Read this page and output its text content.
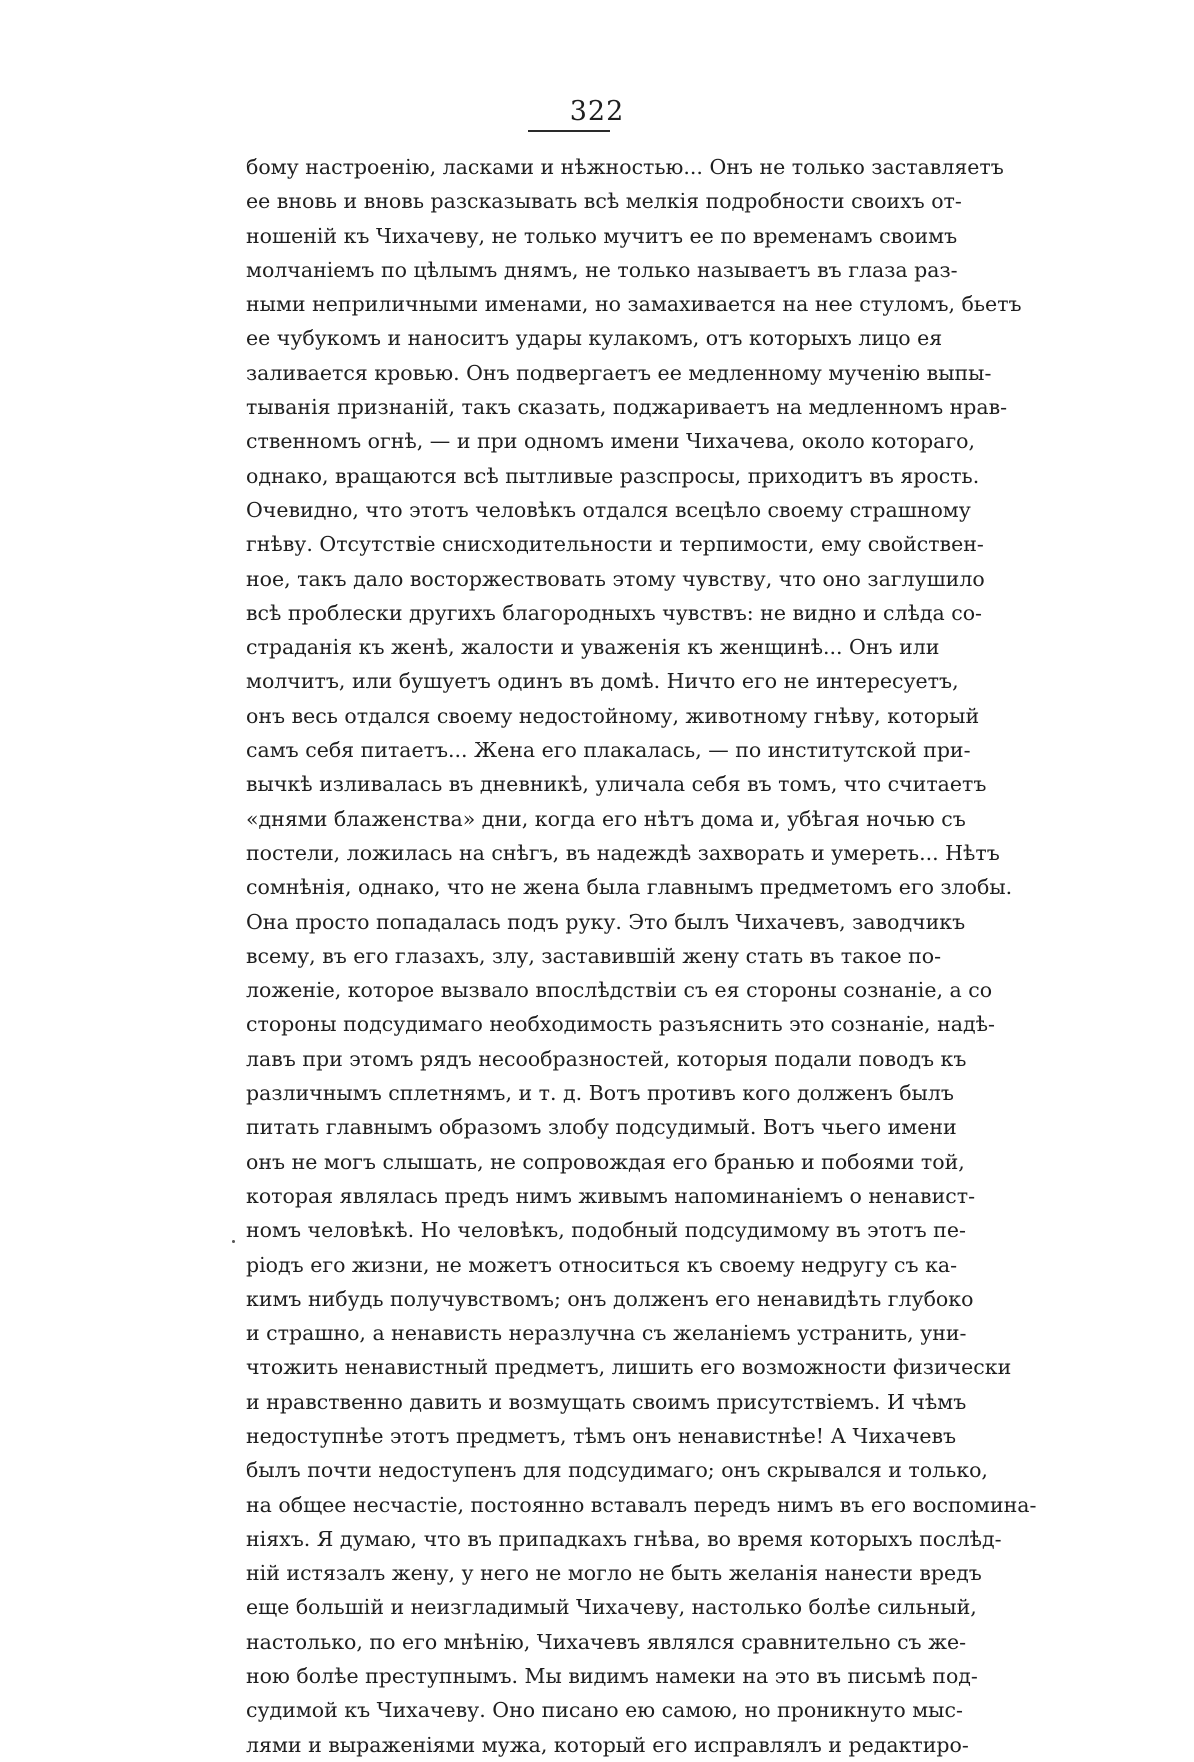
322
бому настроенію, ласками и нѣжностью... Онъ не только заставляетъ
ее вновь и вновь разсказывать всѣ мелкія подробности своихъ от-
ношеній къ Чихачеву, не только мучитъ ее по временамъ своимъ
молчаніемъ по цѣлымъ днямъ, не только называетъ въ глаза раз-
ными неприличными именами, но замахивается на нее стуломъ, бьетъ
ее чубукомъ и наноситъ удары кулакомъ, отъ которыхъ лицо ея
заливается кровью. Онъ подвергаетъ ее медленному мученію выпы-
тыванія признаній, такъ сказать, поджариваетъ на медленномъ нрав-
ственномъ огнѣ, — и при одномъ имени Чихачева, около котораго,
однако, вращаются всѣ пытливые разспросы, приходитъ въ ярость.
Очевидно, что этотъ человѣкъ отдался всецѣло своему страшному
гнѣву. Отсутствіе снисходительности и терпимости, ему свойствен-
ное, такъ дало восторжествовать этому чувству, что оно заглушило
всѣ проблески другихъ благородныхъ чувствъ: не видно и слѣда со-
страданія къ женѣ, жалости и уваженія къ женщинѣ... Онъ или
молчитъ, или бушуетъ одинъ въ домѣ. Ничто его не интересуетъ,
онъ весь отдался своему недостойному, животному гнѣву, который
самъ себя питаетъ... Жена его плакалась, — по институтской при-
вычкѣ изливалась въ дневникѣ, уличала себя въ томъ, что считаетъ
«днями блаженства» дни, когда его нѣтъ дома и, убѣгая ночью съ
постели, ложилась на снѣгъ, въ надеждѣ захворать и умереть... Нѣтъ
сомнѣнія, однако, что не жена была главнымъ предметомъ его злобы.
Она просто попадалась подъ руку. Это былъ Чихачевъ, заводчикъ
всему, въ его глазахъ, злу, заставившій жену стать въ такое по-
ложеніе, которое вызвало впослѣдствіи съ ея стороны сознаніе, а со
стороны подсудимаго необходимость разъяснить это сознаніе, надѣ-
лавъ при этомъ рядъ несообразностей, которыя подали поводъ къ
различнымъ сплетнямъ, и т. д. Вотъ противъ кого долженъ былъ
питать главнымъ образомъ злобу подсудимый. Вотъ чьего имени
онъ не могъ слышать, не сопровождая его бранью и побоями той,
которая являлась предъ нимъ живымъ напоминаніемъ о ненавист-
номъ человѣкѣ. Но человѣкъ, подобный подсудимому въ этотъ пе-
ріодъ его жизни, не можетъ относиться къ своему недругу съ ка-
кимъ нибудь получувствомъ; онъ долженъ его ненавидѣть глубоко
и страшно, а ненависть неразлучна съ желаніемъ устранить, уни-
чтожить ненавистный предметъ, лишить его возможности физически
и нравственно давить и возмущать своимъ присутствіемъ. И чѣмъ
недоступнѣе этотъ предметъ, тѣмъ онъ ненавистнѣе! А Чихачевъ
былъ почти недоступенъ для подсудимаго; онъ скрывался и только,
на общее несчастіе, постоянно вставалъ передъ нимъ въ его воспомина-
ніяхъ. Я думаю, что въ припадкахъ гнѣва, во время которыхъ послѣд-
ній истязалъ жену, у него не могло не быть желанія нанести вредъ
еще большій и неизгладимый Чихачеву, настолько болѣе сильный,
настолько, по его мнѣнію, Чихачевъ являлся сравнительно съ же-
ною болѣе преступнымъ. Мы видимъ намеки на это въ письмѣ под-
судимой къ Чихачеву. Оно писано ею самою, но проникнуто мыс-
лями и выраженіями мужа, который его исправлялъ и редактиро-
